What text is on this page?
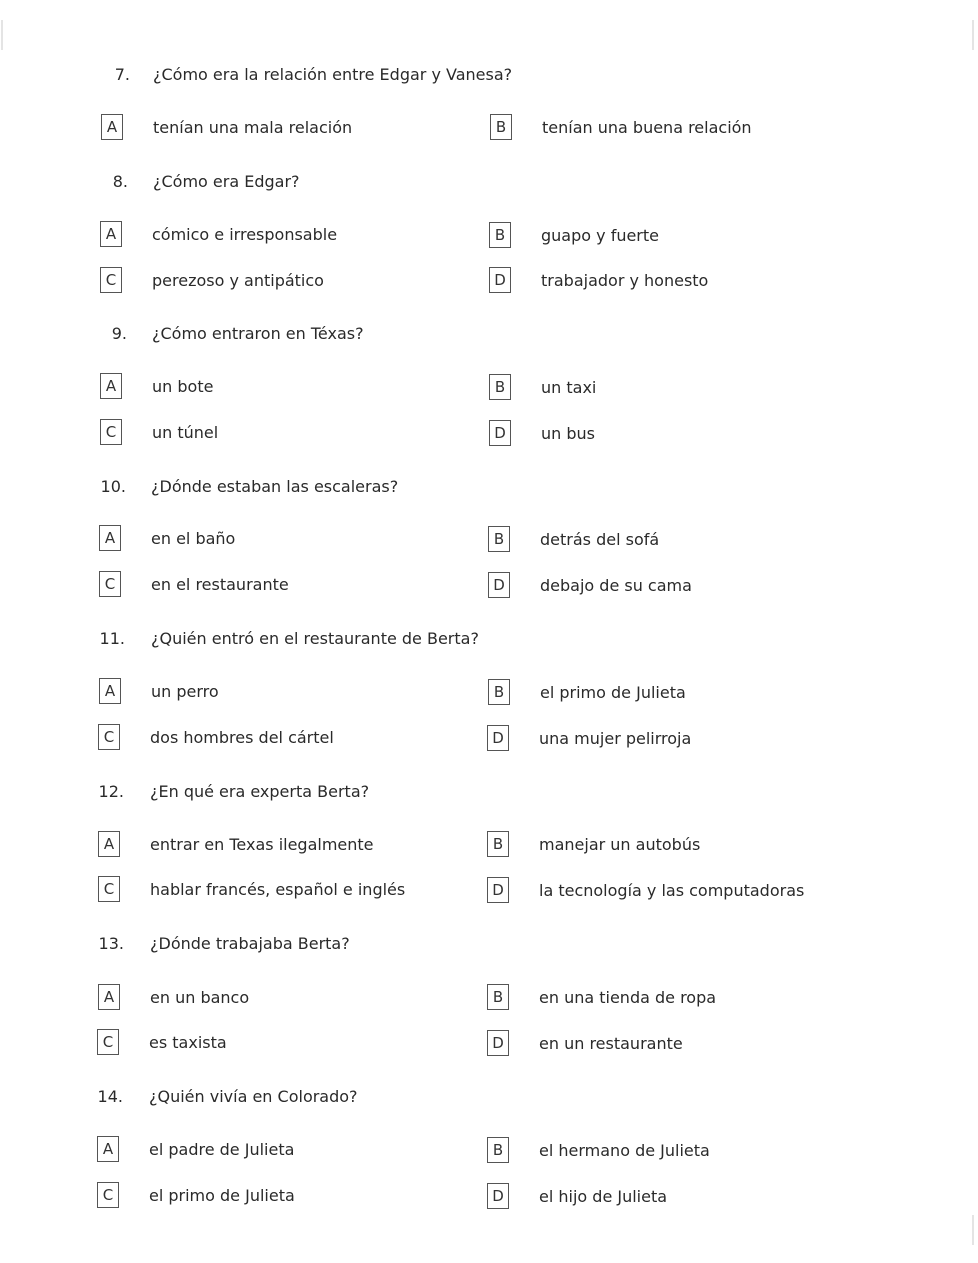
7. ¿Cómo era la relación entre Edgar y Vanesa?
A	tenían una mala relación	B	tenían una buena relación
8. ¿Cómo era Edgar?
A	cómico e irresponsable	B	guapo y fuerte
C	perezoso y antipático	D	trabajador y honesto
9. ¿Cómo entraron en Téxas?
A	un bote	B	un taxi
C	un túnel	D	un bus
10. ¿Dónde estaban las escaleras?
A	en el baño	B	detrás del sofá
C	en el restaurante	D	debajo de su cama
11. ¿Quién entró en el restaurante de Berta?
A	un perro	B	el primo de Julieta
C	dos hombres del cártel	D	una mujer pelirroja
12. ¿En qué era experta Berta?
A	entrar en Texas ilegalmente	B	manejar un autobús
C	hablar francés, español e inglés	D	la tecnología y las computadoras
13. ¿Dónde trabajaba Berta?
A	en un banco	B	en una tienda de ropa
C	es taxista	D	en un restaurante
14. ¿Quién vivía en Colorado?
A	el padre de Julieta	B	el hermano de Julieta
C	el primo de Julieta	D	el hijo de Julieta
